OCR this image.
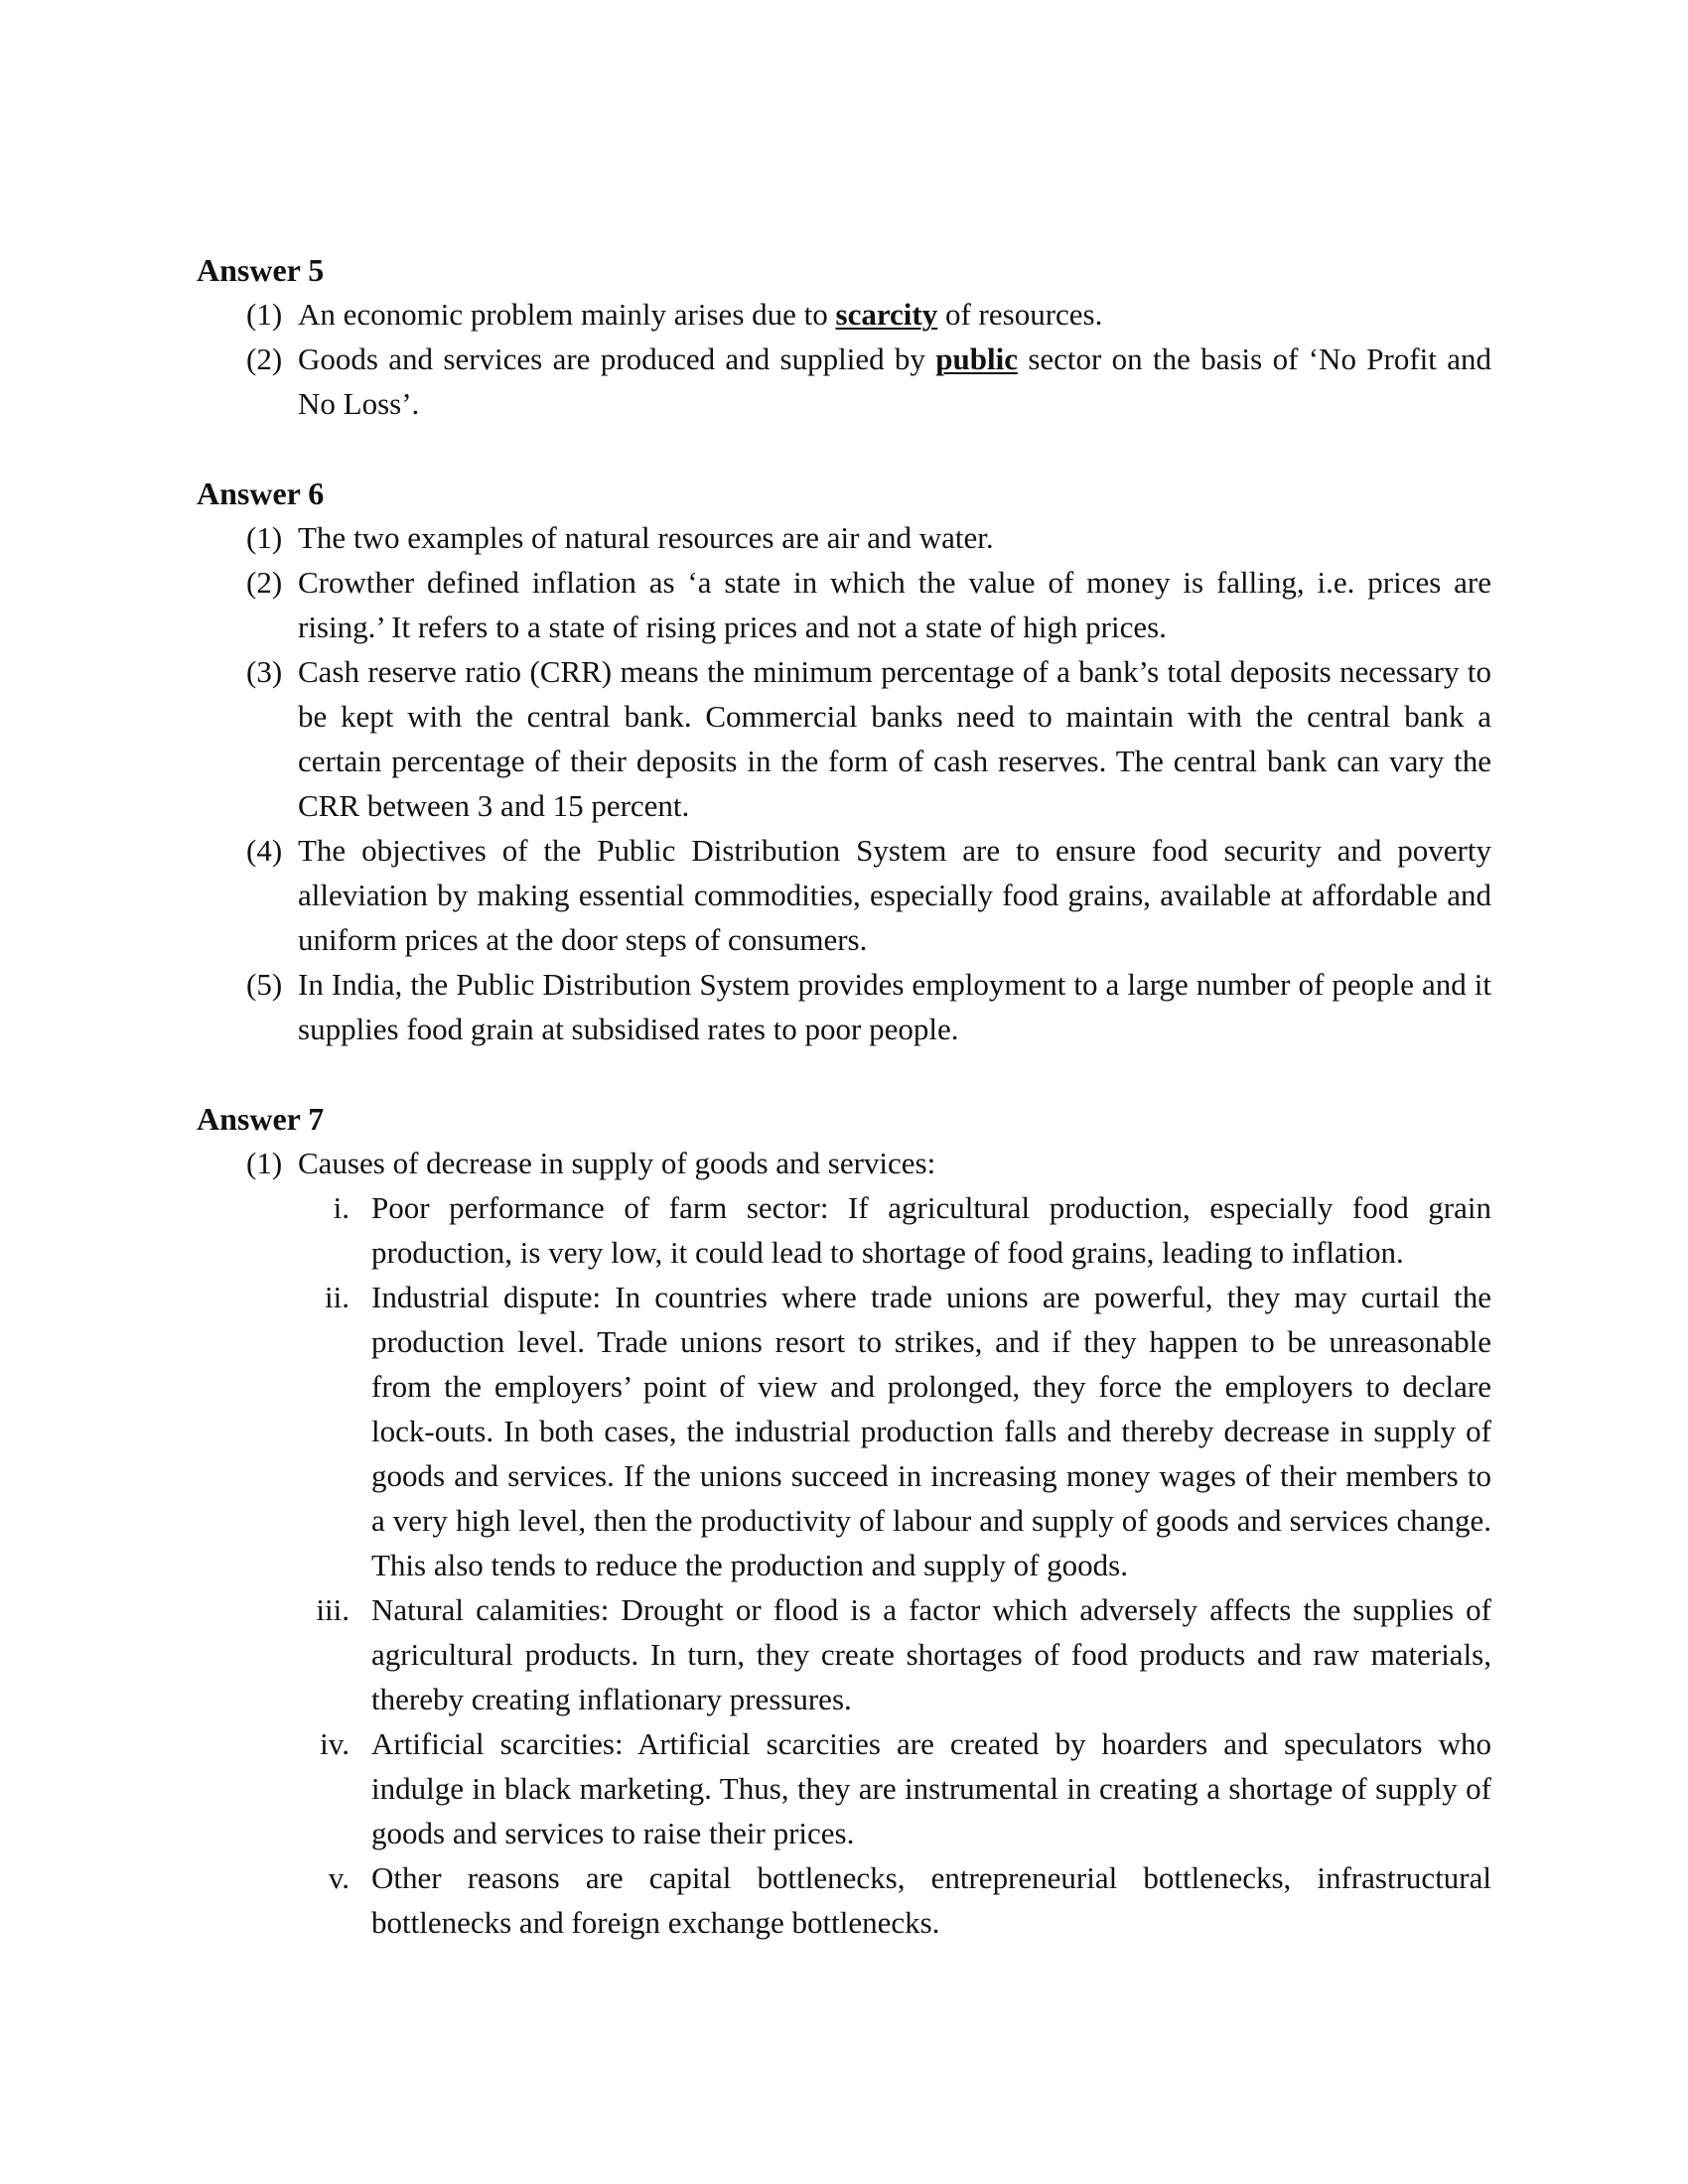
Answer 5
(1) An economic problem mainly arises due to scarcity of resources.
(2) Goods and services are produced and supplied by public sector on the basis of ‘No Profit and No Loss’.
Answer 6
(1) The two examples of natural resources are air and water.
(2) Crowther defined inflation as ‘a state in which the value of money is falling, i.e. prices are rising.’ It refers to a state of rising prices and not a state of high prices.
(3) Cash reserve ratio (CRR) means the minimum percentage of a bank’s total deposits necessary to be kept with the central bank. Commercial banks need to maintain with the central bank a certain percentage of their deposits in the form of cash reserves. The central bank can vary the CRR between 3 and 15 percent.
(4) The objectives of the Public Distribution System are to ensure food security and poverty alleviation by making essential commodities, especially food grains, available at affordable and uniform prices at the door steps of consumers.
(5) In India, the Public Distribution System provides employment to a large number of people and it supplies food grain at subsidised rates to poor people.
Answer 7
(1) Causes of decrease in supply of goods and services:
i. Poor performance of farm sector: If agricultural production, especially food grain production, is very low, it could lead to shortage of food grains, leading to inflation.
ii. Industrial dispute: In countries where trade unions are powerful, they may curtail the production level. Trade unions resort to strikes, and if they happen to be unreasonable from the employers’ point of view and prolonged, they force the employers to declare lock-outs. In both cases, the industrial production falls and thereby decrease in supply of goods and services. If the unions succeed in increasing money wages of their members to a very high level, then the productivity of labour and supply of goods and services change. This also tends to reduce the production and supply of goods.
iii. Natural calamities: Drought or flood is a factor which adversely affects the supplies of agricultural products. In turn, they create shortages of food products and raw materials, thereby creating inflationary pressures.
iv. Artificial scarcities: Artificial scarcities are created by hoarders and speculators who indulge in black marketing. Thus, they are instrumental in creating a shortage of supply of goods and services to raise their prices.
v. Other reasons are capital bottlenecks, entrepreneurial bottlenecks, infrastructural bottlenecks and foreign exchange bottlenecks.
